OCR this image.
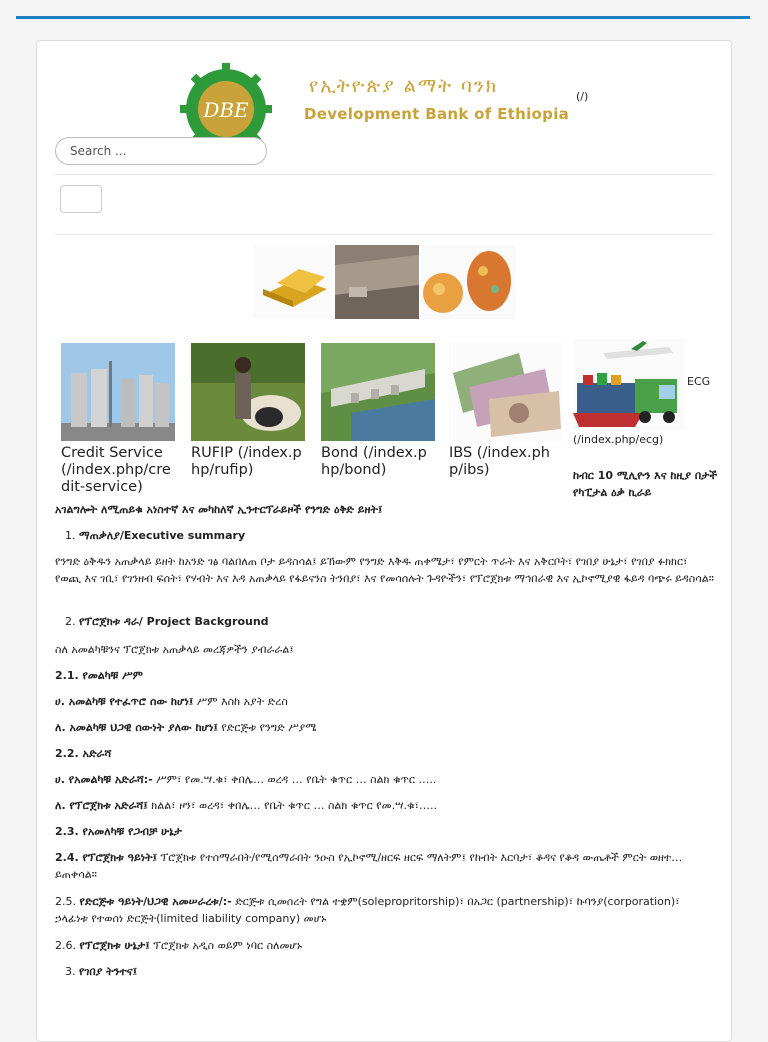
DBE
የኢትዮጵያ ልማት ባንክ
Development Bank of Ethiopia
(/)
Search ...
Credit Service (/index.php/credit-service)
RUFIP (/index.php/rufip)
Bond (/index.php/bond)
IBS (/index.php/ibs)
ECG
(/index.php/ecg)
ከብር 10 ሚሊዮን እና ከዚያ በታች የካፒታል ዕቃ ኪራይ

አገልግሎት ለሚጠይቁ አነስተኛ እና መካከለኛ ኢንተርፕራይዞች የንግድ ዕቅድ ይዘት፤

1. ማጠቃለያ/Executive summary

የንግድ ዕቅዱን አጠቃላይ ይዘት ከአንድ ገፅ ባልበለጠ ቦታ ይዳስሳል፤ ይኸውም የንግድ እቅዱ ጠቀሜታ፣ የምርት ጥራት እና አቅርቦት፣ የገበያ ሁኔታ፣ የገበያ ፉክክር፣ የወጪ እና ገቢ፣ የገንዘብ ፍሰት፣ የሃብት እና እዳ አጠቃላይ የፋይናንስ ትንበያ፣ እና የመሳሰሉት ጉዳዮችን፣ የፕሮጀክቱ ማኅበራዊ እና ኢኮኖሚያዊ ፋይዳ ባጭሩ ይዳስሳል።

2. የፕሮጀክቱ ዳራ/ Project Background

ስለ አመልካቹንና ፕሮጀክቱ አጠቃላይ መረጃዎችን ያብራራል፤

2.1. የመልካቹ ሥም

ሀ. አመልካቹ የተፈጥሮ ሰው ከሆነ፤ ሥም እስከ አያት ድረስ

ለ. አመልካቹ ህጋዊ ሰውነት ያለው ከሆነ፤ የድርጅቱ የንግድ ሥያሜ

2.2. አድራሻ

ሀ. የአመልካቹ አድራሻ:- ሥም፣ የመ.ሣ.ቁ፣ ቀበሌ… ወረዳ … የቤት ቁጥር … ስልክ ቁጥር …..

ለ. የፕሮጀክቱ አድራሻ፤ ክልል፣ ዞን፣ ወረዳ፣ ቀበሌ… የቤት ቁጥር … ስልክ ቁጥር የመ.ሣ.ቁ፣…..

2.3. የአመለካቹ የጋብቻ ሁኔታ

2.4. የፕሮጀክቱ ዓይነት፤ ፕሮጀክቱ የተሰማራበት/የሚሰማራበት ንዑስ የኢኮኖሚ/ዘርፍ ዘርፍ ማለትም፤ የከብት እርባታ፣ ቆዳና የቆዳ ውጤቶች ምርት ወዘተ… ይጠቀሳል።

2.5. የድርጅቱ ዓይነት/ህጋዊ አመሠራረቱ/:- ድርጅቱ ሲመሰረት የግል ተቋም(solepropritorship)፣ በአጋር (partnership)፣ ኩባንያ(corporation)፣ ኃላፊነቱ የተወሰነ ድርጅት(limited liability company) መሆኑ

2.6. የፕሮጀክቱ ሁኔታ፤ ፕሮጀክቱ አዲስ ወይም ነባር ስለመሆኑ

3. የገበያ ትንተና፤
